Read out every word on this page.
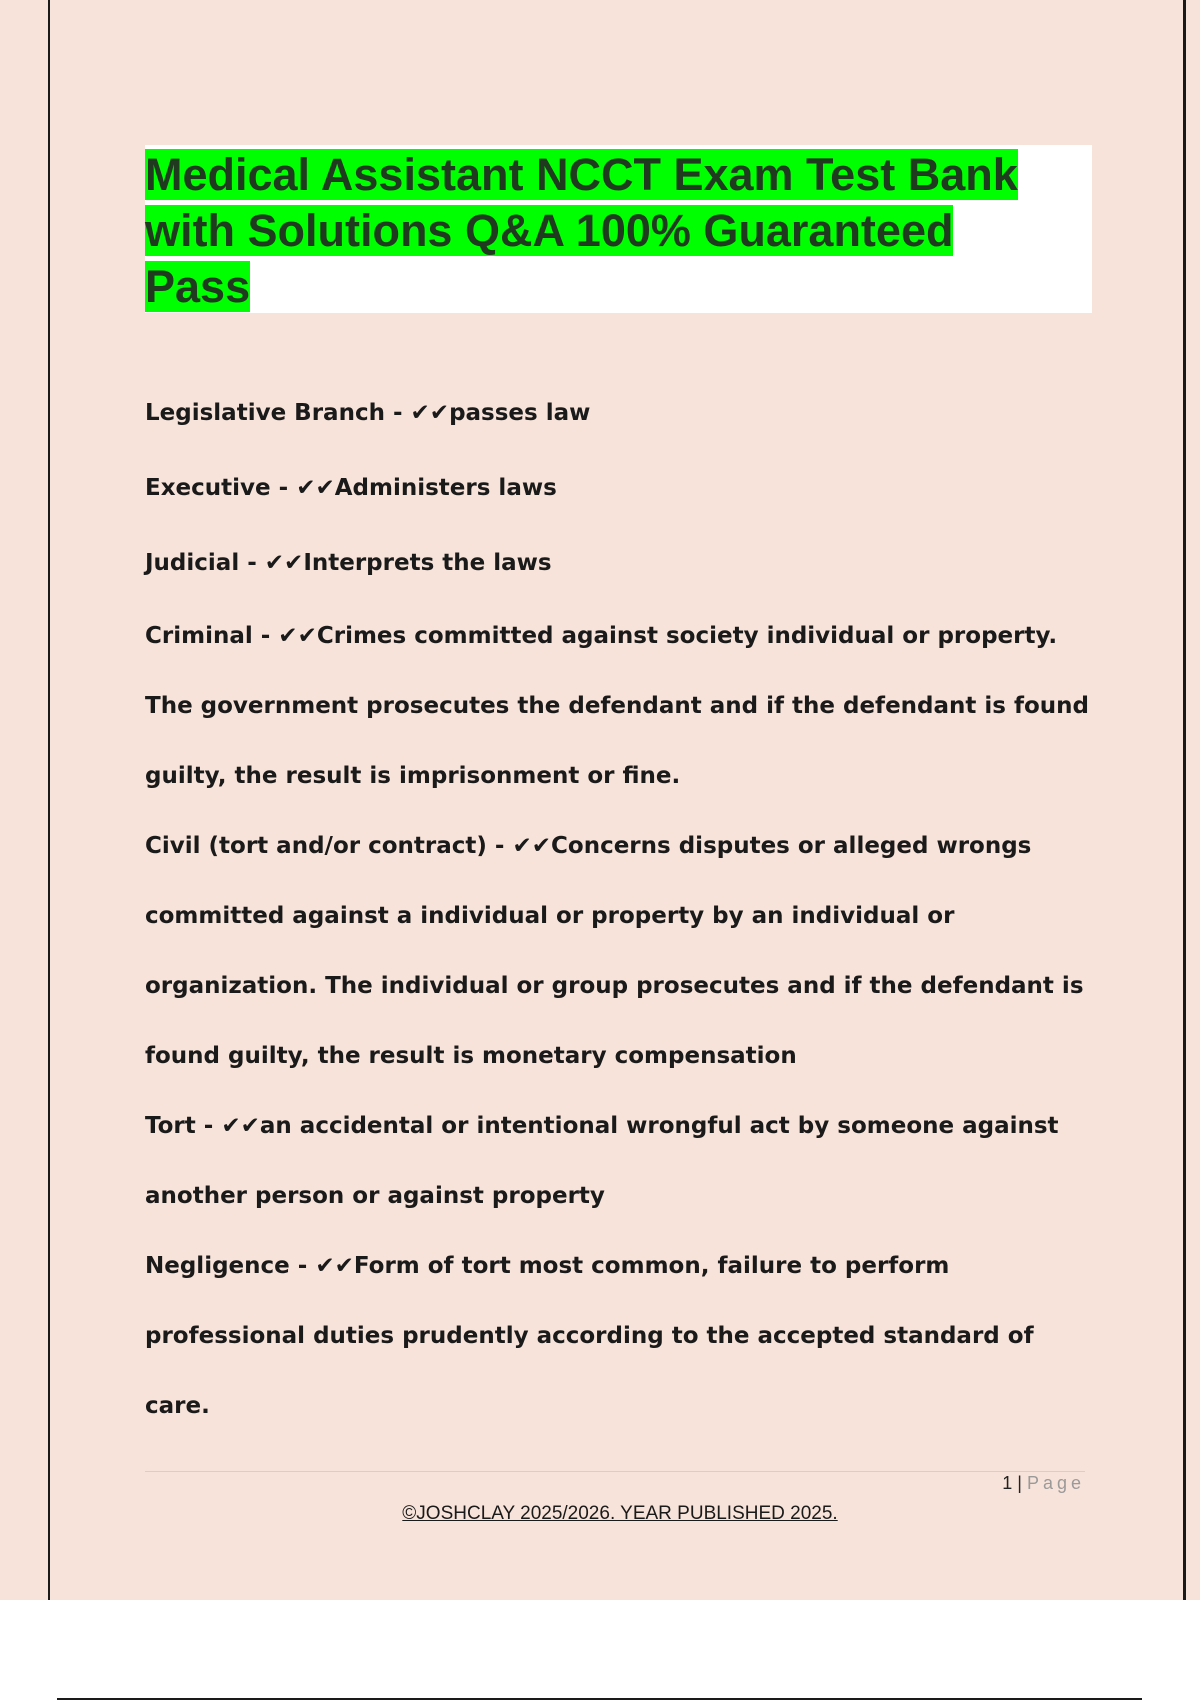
Medical Assistant NCCT Exam Test Bank
with Solutions Q&A 100% Guaranteed
Pass

Legislative Branch - ✔✔passes law

Executive - ✔✔Administers laws

Judicial - ✔✔Interprets the laws

Criminal - ✔✔Crimes committed against society individual or property. The government prosecutes the defendant and if the defendant is found guilty, the result is imprisonment or fine.

Civil (tort and/or contract) - ✔✔Concerns disputes or alleged wrongs committed against a individual or property by an individual or organization. The individual or group prosecutes and if the defendant is found guilty, the result is monetary compensation

Tort - ✔✔an accidental or intentional wrongful act by someone against another person or against property

Negligence - ✔✔Form of tort most common, failure to perform professional duties prudently according to the accepted standard of care.

1 | Page
©JOSHCLAY 2025/2026. YEAR PUBLISHED 2025.
